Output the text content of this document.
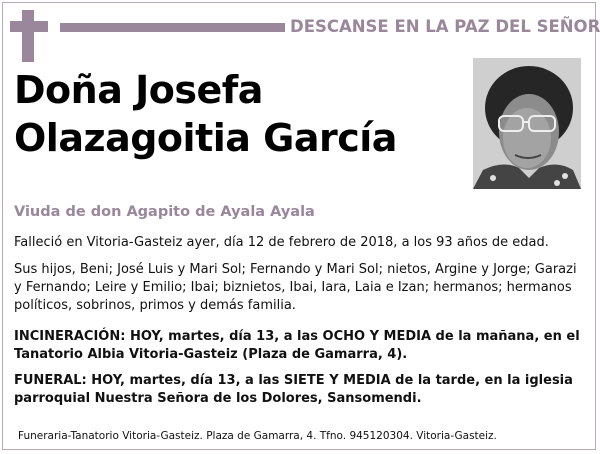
DESCANSE EN LA PAZ DEL SEÑOR
Doña Josefa
Olazagoitia García
Viuda de don Agapito de Ayala Ayala
Falleció en Vitoria-Gasteiz ayer, día 12 de febrero de 2018, a los 93 años de edad.
Sus hijos, Beni; José Luis y Mari Sol; Fernando y Mari Sol; nietos, Argine y Jorge; Garazi y Fernando; Leire y Emilio; Ibai; biznietos, Ibai, Iara, Laia e Izan; hermanos; hermanos políticos, sobrinos, primos y demás familia.
INCINERACIÓN: HOY, martes, día 13, a las OCHO Y MEDIA de la mañana, en el Tanatorio Albia Vitoria-Gasteiz (Plaza de Gamarra, 4).
FUNERAL: HOY, martes, día 13, a las SIETE Y MEDIA de la tarde, en la iglesia parroquial Nuestra Señora de los Dolores, Sansomendi.
Funeraria-Tanatorio Vitoria-Gasteiz. Plaza de Gamarra, 4. Tfno. 945120304. Vitoria-Gasteiz.
